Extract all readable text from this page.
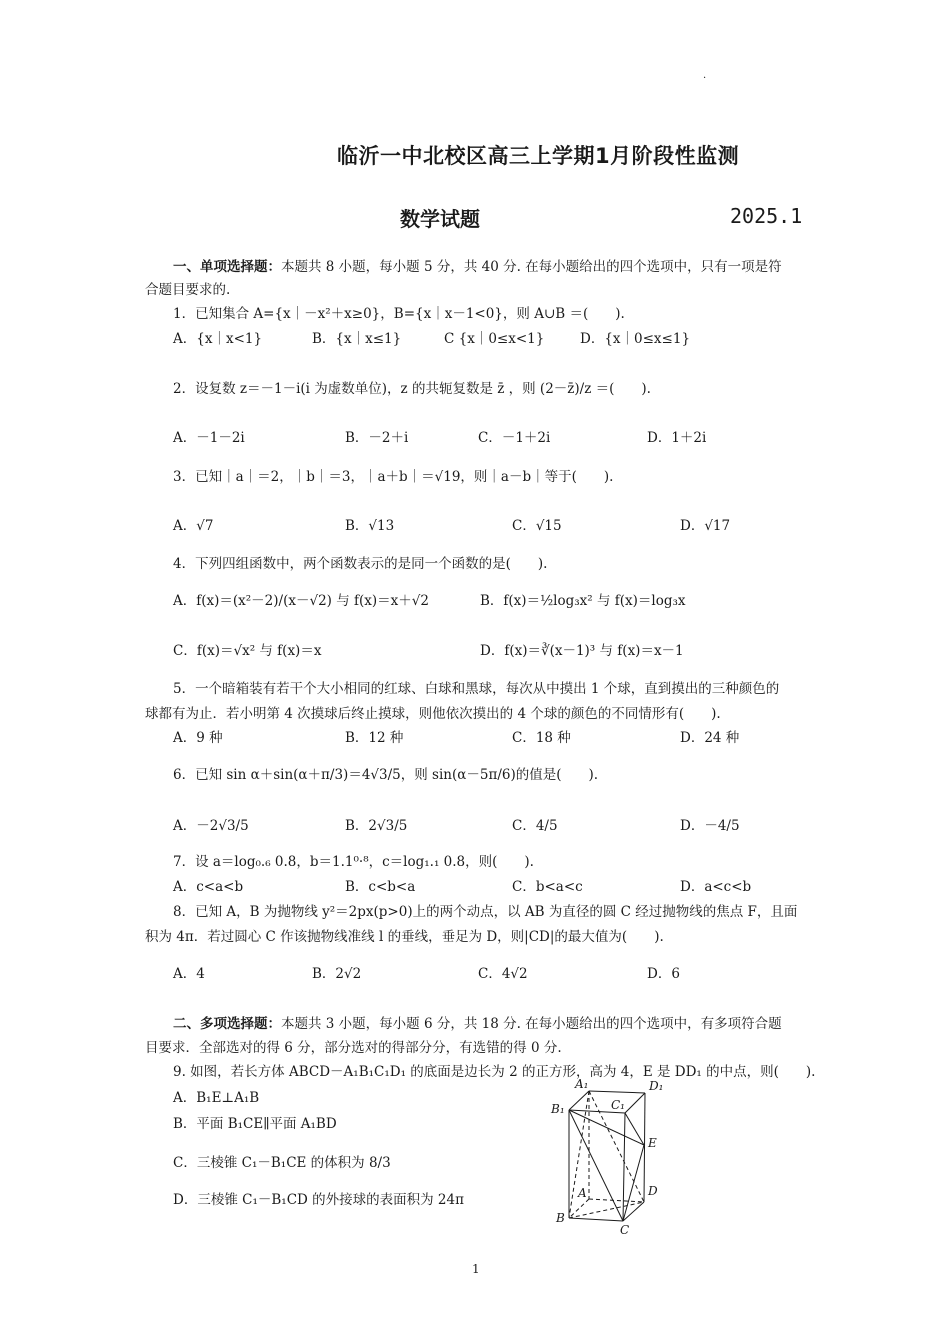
.
临沂一中北校区高三上学期1月阶段性监测
数学试题	2025.1
一、单项选择题：本题共 8 小题，每小题 5 分，共 40 分. 在每小题给出的四个选项中，只有一项是符
合题目要求的.
1．已知集合 A={x｜－x²＋x≥0}，B={x｜x－1<0}，则 A∪B ＝(　　).
A．{x｜x<1}	B．{x｜x≤1}	C {x｜0≤x<1}	D．{x｜0≤x≤1}
2．设复数 z＝－1－i(i 为虚数单位)，z 的共轭复数是 z̄ ，则 (2－z̄)/z ＝(　　).
A．－1－2i	B．－2＋i	C．－1＋2i	D．1＋2i
3．已知｜a｜＝2，｜b｜＝3，｜a＋b｜＝√19，则｜a－b｜等于(　　).
A．√7	B．√13	C．√15	D．√17
4．下列四组函数中，两个函数表示的是同一个函数的是(　　).
A．f(x)＝(x²－2)/(x－√2) 与 f(x)＝x＋√2	B．f(x)＝½log₃x² 与 f(x)＝log₃x
C．f(x)＝√x² 与 f(x)＝x	D．f(x)＝∛(x－1)³ 与 f(x)＝x－1
5．一个暗箱装有若干个大小相同的红球、白球和黑球，每次从中摸出 1 个球，直到摸出的三种颜色的
球都有为止．若小明第 4 次摸球后终止摸球，则他依次摸出的 4 个球的颜色的不同情形有(　　).
A．9 种	B．12 种	C．18 种	D．24 种
6．已知 sin α＋sin(α＋π/3)＝4√3/5，则 sin(α－5π/6)的值是(　　).
A．－2√3/5	B．2√3/5	C．4/5	D．－4/5
7．设 a＝log₀.₆ 0.8，b＝1.1⁰·⁸，c＝log₁.₁ 0.8，则(　　).
A．c<a<b	B．c<b<a	C．b<a<c	D．a<c<b
8．已知 A，B 为抛物线 y²＝2px(p>0)上的两个动点，以 AB 为直径的圆 C 经过抛物线的焦点 F，且面
积为 4π．若过圆心 C 作该抛物线准线 l 的垂线，垂足为 D，则|CD|的最大值为(　　).
A．4	B．2√2	C．4√2	D．6
二、多项选择题：本题共 3 小题，每小题 6 分，共 18 分. 在每小题给出的四个选项中，有多项符合题
目要求．全部选对的得 6 分，部分选对的得部分分，有选错的得 0 分.
9. 如图，若长方体 ABCD－A₁B₁C₁D₁ 的底面是边长为 2 的正方形，高为 4，E 是 DD₁ 的中点，则(　　).
A．B₁E⊥A₁B
B．平面 B₁CE∥平面 A₁BD
C．三棱锥 C₁－B₁CE 的体积为 8/3
D．三棱锥 C₁－B₁CD 的外接球的表面积为 24π
A₁	D₁
B₁	C₁
E
A	D
B
C
1
